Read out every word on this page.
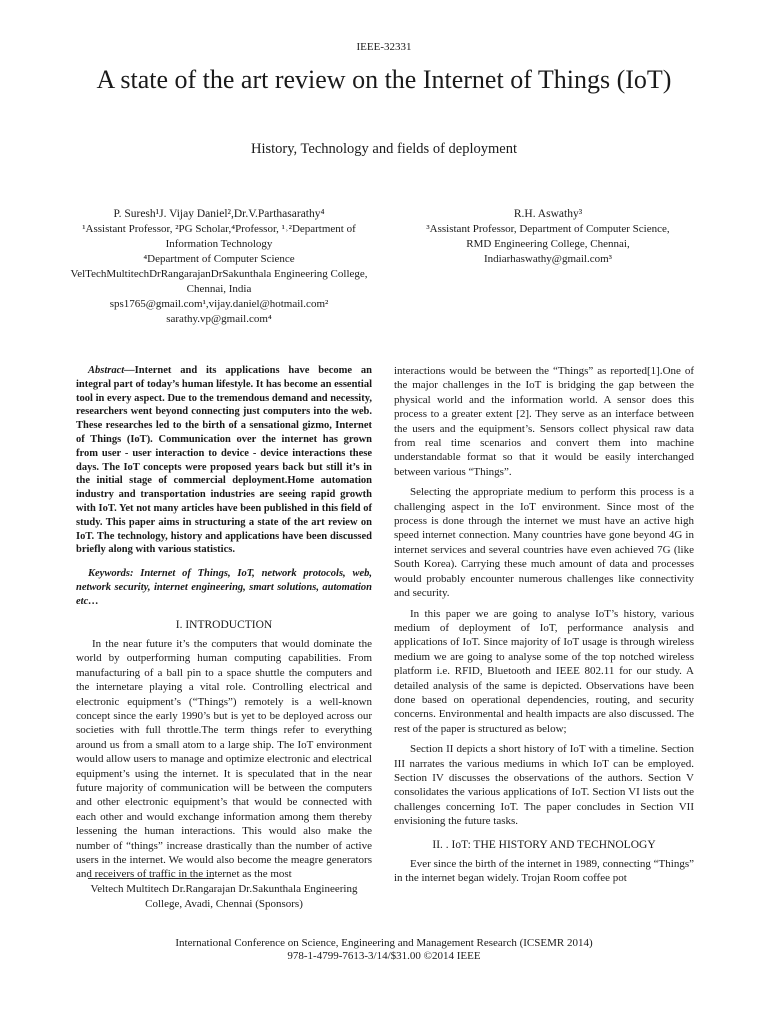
IEEE-32331
A state of the art review on the Internet of Things (IoT)
History, Technology and fields of deployment
P. Suresh¹J. Vijay Daniel²,Dr.V.Parthasarathy⁴
¹Assistant Professor, ²PG Scholar,⁴Professor, ¹˒²Department of Information Technology
⁴Department of Computer Science
VelTechMultitechDrRangarajanDrSakunthala Engineering College, Chennai, India
sps1765@gmail.com¹,vijay.daniel@hotmail.com²
sarathy.vp@gmail.com⁴
R.H. Aswathy³
³Assistant Professor, Department of Computer Science,
RMD Engineering College, Chennai,
Indiarhaswathy@gmail.com³

Abstract—Internet and its applications have become an integral part of today’s human lifestyle. It has become an essential tool in every aspect. Due to the tremendous demand and necessity, researchers went beyond connecting just computers into the web. These researches led to the birth of a sensational gizmo, Internet of Things (IoT). Communication over the internet has grown from user - user interaction to device - device interactions these days. The IoT concepts were proposed years back but still it’s in the initial stage of commercial deployment.Home automation industry and transportation industries are seeing rapid growth with IoT. Yet not many articles have been published in this field of study. This paper aims in structuring a state of the art review on IoT. The technology, history and applications have been discussed briefly along with various statistics.

Keywords: Internet of Things, IoT, network protocols, web, network security, internet engineering, smart solutions, automation etc…

I. INTRODUCTION

In the near future it’s the computers that would dominate the world by outperforming human computing capabilities. From manufacturing of a ball pin to a space shuttle the computers and the internetare playing a vital role. Controlling electrical and electronic equipment’s (“Things”) remotely is a well-known concept since the early 1990’s but is yet to be deployed across our societies with full throttle.The term things refer to everything around us from a small atom to a large ship. The IoT environment would allow users to manage and optimize electronic and electrical equipment’s using the internet. It is speculated that in the near future majority of communication will be between the computers and other electronic equipment’s that would be connected with each other and would exchange information among them thereby lessening the human interactions. This would also make the number of “things” increase drastically than the number of active users in the internet. We would also become the meagre generators and receivers of traffic in the internet as the most

interactions would be between the “Things” as reported[1].One of the major challenges in the IoT is bridging the gap between the physical world and the information world. A sensor does this process to a greater extent [2]. They serve as an interface between the users and the equipment’s. Sensors collect physical raw data from real time scenarios and convert them into machine understandable format so that it would be easily interchanged between various “Things”.

Selecting the appropriate medium to perform this process is a challenging aspect in the IoT environment. Since most of the process is done through the internet we must have an active high speed internet connection. Many countries have gone beyond 4G in internet services and several countries have even achieved 7G (like South Korea). Carrying these much amount of data and processes would probably encounter numerous challenges like connectivity and security.

In this paper we are going to analyse IoT’s history, various medium of deployment of IoT, performance analysis and applications of IoT. Since majority of IoT usage is through wireless medium we are going to analyse some of the top notched wireless platform i.e. RFID, Bluetooth and IEEE 802.11 for our study. A detailed analysis of the same is depicted. Observations have been done based on operational dependencies, routing, and security concerns. Environmental and health impacts are also discussed. The rest of the paper is structured as below;

Section II depicts a short history of IoT with a timeline. Section III narrates the various mediums in which IoT can be employed. Section IV discusses the observations of the authors. Section V consolidates the various applications of IoT. Section VI lists out the challenges concerning IoT. The paper concludes in Section VII envisioning the future tasks.

II. . IoT: THE HISTORY AND TECHNOLOGY

Ever since the birth of the internet in 1989, connecting “Things” in the internet began widely. Trojan Room coffee pot

Veltech Multitech Dr.Rangarajan Dr.Sakunthala Engineering College, Avadi, Chennai (Sponsors)
International Conference on Science, Engineering and Management Research (ICSEMR 2014)
978-1-4799-7613-3/14/$31.00 ©2014 IEEE
